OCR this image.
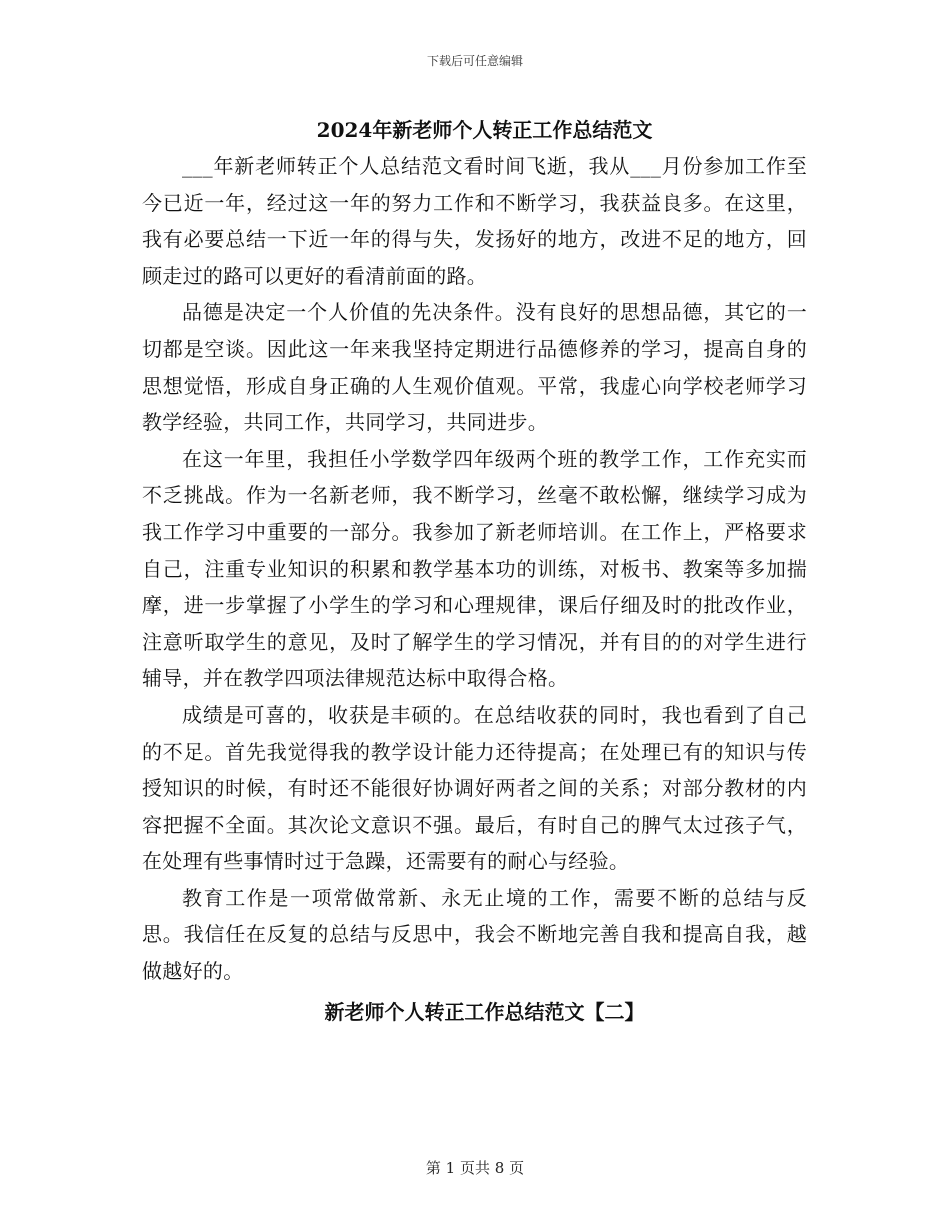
下载后可任意编辑
2024年新老师个人转正工作总结范文

___年新老师转正个人总结范文看时间飞逝，我从___月份参加工作至今已近一年，经过这一年的努力工作和不断学习，我获益良多。在这里，我有必要总结一下近一年的得与失，发扬好的地方，改进不足的地方，回顾走过的路可以更好的看清前面的路。

品德是决定一个人价值的先决条件。没有良好的思想品德，其它的一切都是空谈。因此这一年来我坚持定期进行品德修养的学习，提高自身的思想觉悟，形成自身正确的人生观价值观。平常，我虚心向学校老师学习教学经验，共同工作，共同学习，共同进步。

在这一年里，我担任小学数学四年级两个班的教学工作，工作充实而不乏挑战。作为一名新老师，我不断学习，丝毫不敢松懈，继续学习成为我工作学习中重要的一部分。我参加了新老师培训。在工作上，严格要求自己，注重专业知识的积累和教学基本功的训练，对板书、教案等多加揣摩，进一步掌握了小学生的学习和心理规律，课后仔细及时的批改作业，注意听取学生的意见，及时了解学生的学习情况，并有目的的对学生进行辅导，并在教学四项法律规范达标中取得合格。

成绩是可喜的，收获是丰硕的。在总结收获的同时，我也看到了自己的不足。首先我觉得我的教学设计能力还待提高；在处理已有的知识与传授知识的时候，有时还不能很好协调好两者之间的关系；对部分教材的内容把握不全面。其次论文意识不强。最后，有时自己的脾气太过孩子气，在处理有些事情时过于急躁，还需要有的耐心与经验。

教育工作是一项常做常新、永无止境的工作，需要不断的总结与反思。我信任在反复的总结与反思中，我会不断地完善自我和提高自我，越做越好的。

新老师个人转正工作总结范文【二】
第 1 页共 8 页
